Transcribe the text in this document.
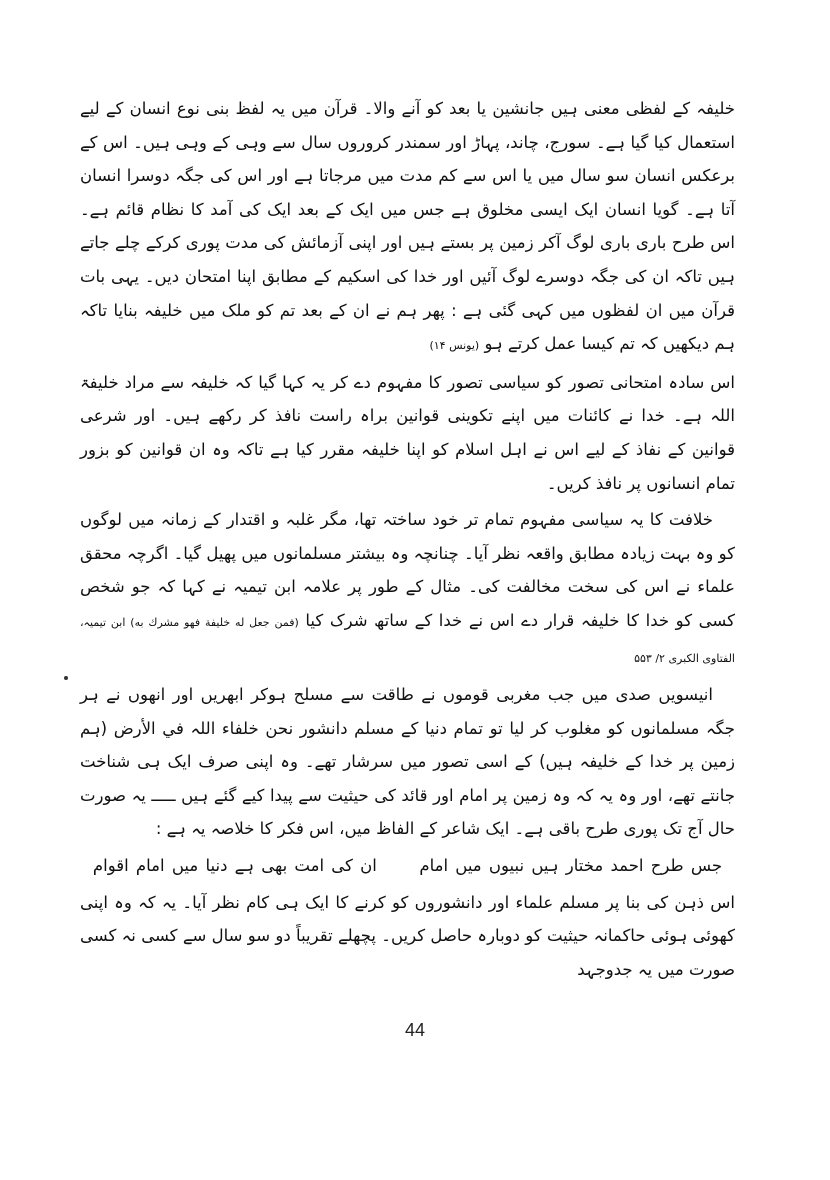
خلیفہ کے لفظی معنی ہیں جانشین یا بعد کو آنے والا۔ قرآن میں یہ لفظ بنی نوع انسان کے لیے استعمال کیا گیا ہے۔ سورج، چاند، پہاڑ اور سمندر کروروں سال سے وہی کے وہی ہیں۔ اس کے برعکس انسان سو سال میں یا اس سے کم مدت میں مرجاتا ہے اور اس کی جگہ دوسرا انسان آتا ہے۔ گویا انسان ایک ایسی مخلوق ہے جس میں ایک کے بعد ایک کی آمد کا نظام قائم ہے۔ اس طرح باری باری لوگ آکر زمین پر بستے ہیں اور اپنی آزمائش کی مدت پوری کرکے چلے جاتے ہیں تاکہ ان کی جگہ دوسرے لوگ آئیں اور خدا کی اسکیم کے مطابق اپنا امتحان دیں۔ یہی بات قرآن میں ان لفظوں میں کہی گئی ہے : پھر ہم نے ان کے بعد تم کو ملک میں خلیفہ بنایا تاکہ ہم دیکھیں کہ تم کیسا عمل کرتے ہو (یونس ۱۴)

اس سادہ امتحانی تصور کو سیاسی تصور کا مفہوم دے کر یہ کہا گیا کہ خلیفہ سے مراد خلیفۃ اللہ ہے۔ خدا نے کائنات میں اپنے تکوینی قوانین براہ راست نافذ کر رکھے ہیں۔ اور شرعی قوانین کے نفاذ کے لیے اس نے اہل اسلام کو اپنا خلیفہ مقرر کیا ہے تاکہ وہ ان قوانین کو بزور تمام انسانوں پر نافذ کریں۔

خلافت کا یہ سیاسی مفہوم تمام تر خود ساختہ تھا، مگر غلبہ و اقتدار کے زمانہ میں لوگوں کو وہ بہت زیادہ مطابق واقعہ نظر آیا۔ چنانچہ وہ بیشتر مسلمانوں میں پھیل گیا۔ اگرچہ محقق علماء نے اس کی سخت مخالفت کی۔ مثال کے طور پر علامہ ابن تیمیہ نے کہا کہ جو شخص کسی کو خدا کا خلیفہ قرار دے اس نے خدا کے ساتھ شرک کیا (فمن جعل له خليفة فهو مشرك به) ابن تیمیہ، الفتاوی الکبری ۲/ ۵۵۳

انیسویں صدی میں جب مغربی قوموں نے طاقت سے مسلح ہوکر ابھریں اور انھوں نے ہر جگہ مسلمانوں کو مغلوب کر لیا تو تمام دنیا کے مسلم دانشور نحن خلفاء اللہ في الأرض (ہم زمین پر خدا کے خلیفہ ہیں) کے اسی تصور میں سرشار تھے۔ وہ اپنی صرف ایک ہی شناخت جانتے تھے، اور وہ یہ کہ وہ زمین پر امام اور قائد کی حیثیت سے پیدا کیے گئے ہیں ـــــ یہ صورت حال آج تک پوری طرح باقی ہے۔ ایک شاعر کے الفاظ میں، اس فکر کا خلاصہ یہ ہے :

جس طرح احمد مختار ہیں نبیوں میں امام  ان کی امت بھی ہے دنیا میں امام اقوام

اس ذہن کی بنا پر مسلم علماء اور دانشوروں کو کرنے کا ایک ہی کام نظر آیا۔ یہ کہ وہ اپنی کھوئی ہوئی حاکمانہ حیثیت کو دوبارہ حاصل کریں۔ پچھلے تقریباً دو سو سال سے کسی نہ کسی صورت میں یہ جدوجہد

44
